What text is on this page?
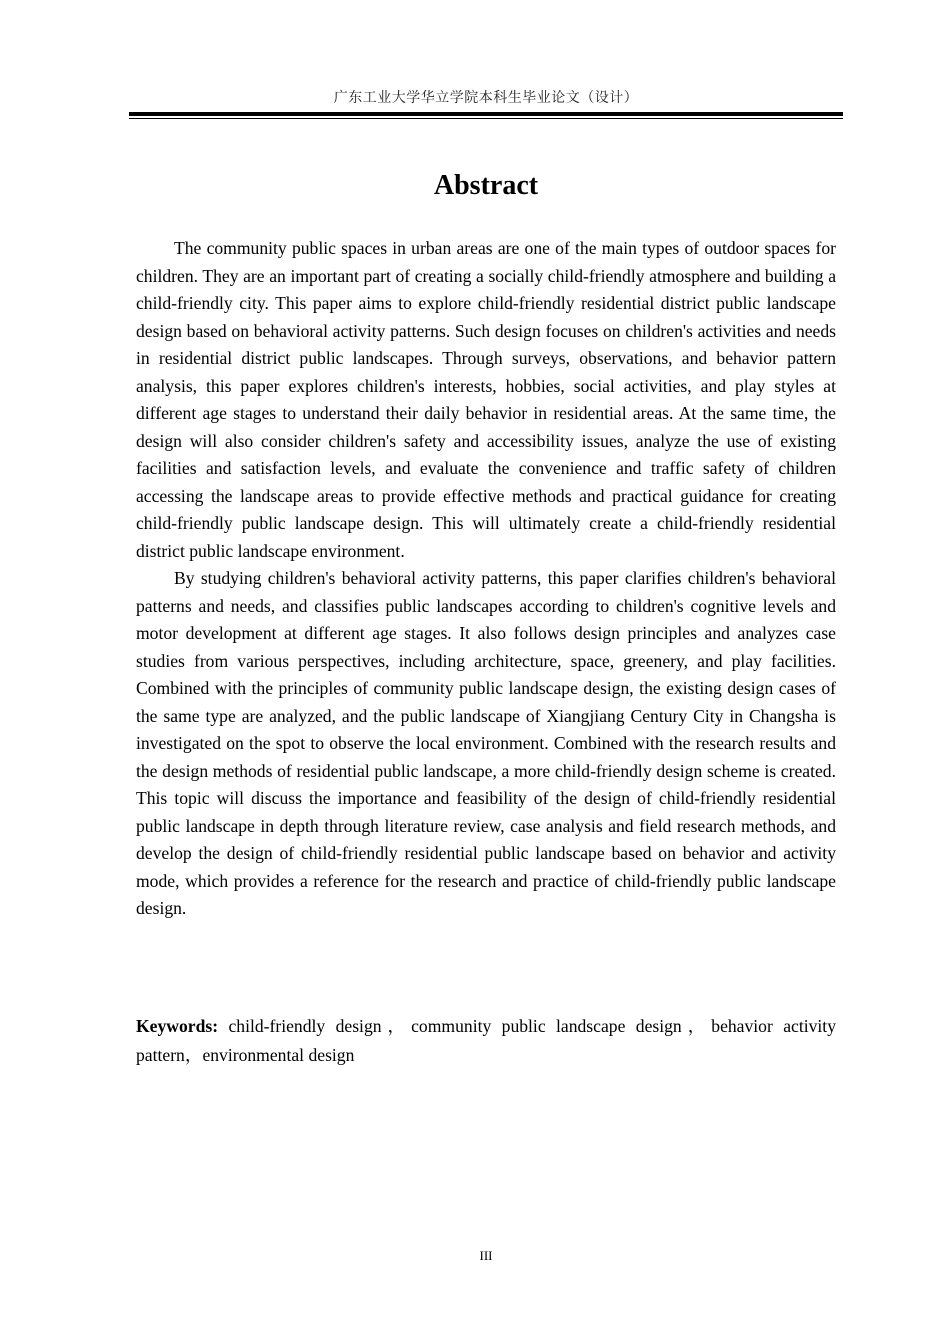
广东工业大学华立学院本科生毕业论文（设计）
Abstract

The community public spaces in urban areas are one of the main types of outdoor spaces for children. They are an important part of creating a socially child-friendly atmosphere and building a child-friendly city. This paper aims to explore child-friendly residential district public landscape design based on behavioral activity patterns. Such design focuses on children's activities and needs in residential district public landscapes. Through surveys, observations, and behavior pattern analysis, this paper explores children's interests, hobbies, social activities, and play styles at different age stages to understand their daily behavior in residential areas. At the same time, the design will also consider children's safety and accessibility issues, analyze the use of existing facilities and satisfaction levels, and evaluate the convenience and traffic safety of children accessing the landscape areas to provide effective methods and practical guidance for creating child-friendly public landscape design. This will ultimately create a child-friendly residential district public landscape environment.

By studying children's behavioral activity patterns, this paper clarifies children's behavioral patterns and needs, and classifies public landscapes according to children's cognitive levels and motor development at different age stages. It also follows design principles and analyzes case studies from various perspectives, including architecture, space, greenery, and play facilities. Combined with the principles of community public landscape design, the existing design cases of the same type are analyzed, and the public landscape of Xiangjiang Century City in Changsha is investigated on the spot to observe the local environment. Combined with the research results and the design methods of residential public landscape, a more child-friendly design scheme is created. This topic will discuss the importance and feasibility of the design of child-friendly residential public landscape in depth through literature review, case analysis and field research methods, and develop the design of child-friendly residential public landscape based on behavior and activity mode, which provides a reference for the research and practice of child-friendly public landscape design.

Keywords: child-friendly design，community public landscape design，behavior activity pattern，environmental design

III
